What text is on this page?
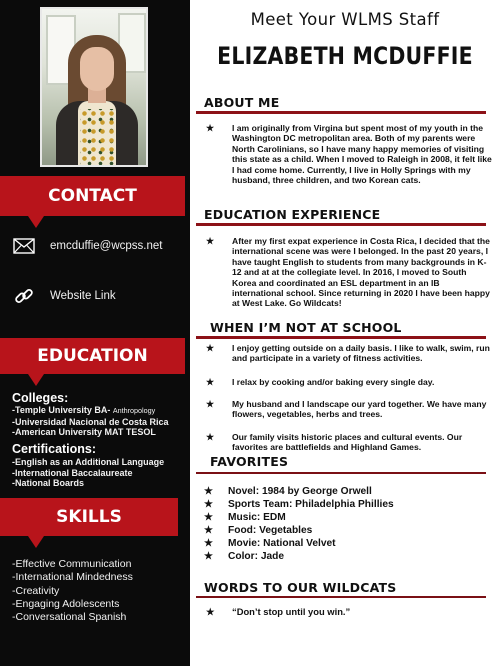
CONTACT
emcduffie@wcpss.net
Website Link
EDUCATION
Colleges:
-Temple University BA- Anthropology
-Universidad Nacional de Costa Rica
-American University MAT TESOL
Certifications:
-English as an Additional Language
-International Baccalaureate
-National Boards
SKILLS
-Effective Communication
-International Mindedness
-Creativity
-Engaging Adolescents
-Conversational Spanish
Meet Your WLMS Staff
ELIZABETH MCDUFFIE
ABOUT ME
★ I am originally from Virgina but spent most of my youth in the Washington DC metropolitan area. Both of my parents were North Carolinians, so I have many happy memories of visiting this state as a child. When I moved to Raleigh in 2008, it felt like I had come home. Currently, I live in Holly Springs with my husband, three children, and two Korean cats.
EDUCATION EXPERIENCE
★ After my first expat experience in Costa Rica, I decided that the international scene was were I belonged. In the past 20 years, I have taught English to students from many backgrounds in K-12 and at at the collegiate level. In 2016, I moved to South Korea and coordinated an ESL department in an IB international school. Since returning in 2020 I have been happy at West Lake. Go Wildcats!
WHEN I’M NOT AT SCHOOL
★ I enjoy getting outside on a daily basis. I like to walk, swim, run and participate in a variety of fitness activities.
★ I relax by cooking and/or baking every single day.
★ My husband and I landscape our yard together. We have many flowers, vegetables, herbs and trees.
★ Our family visits historic places and cultural events. Our favorites are battlefields and Highland Games.
FAVORITES
★	Novel: 1984 by George Orwell
★	Sports Team: Philadelphia Phillies
★	Music: EDM
★	Food: Vegetables
★	Movie: National Velvet
★	Color: Jade
WORDS TO OUR WILDCATS
★ “Don’t stop until you win.”
